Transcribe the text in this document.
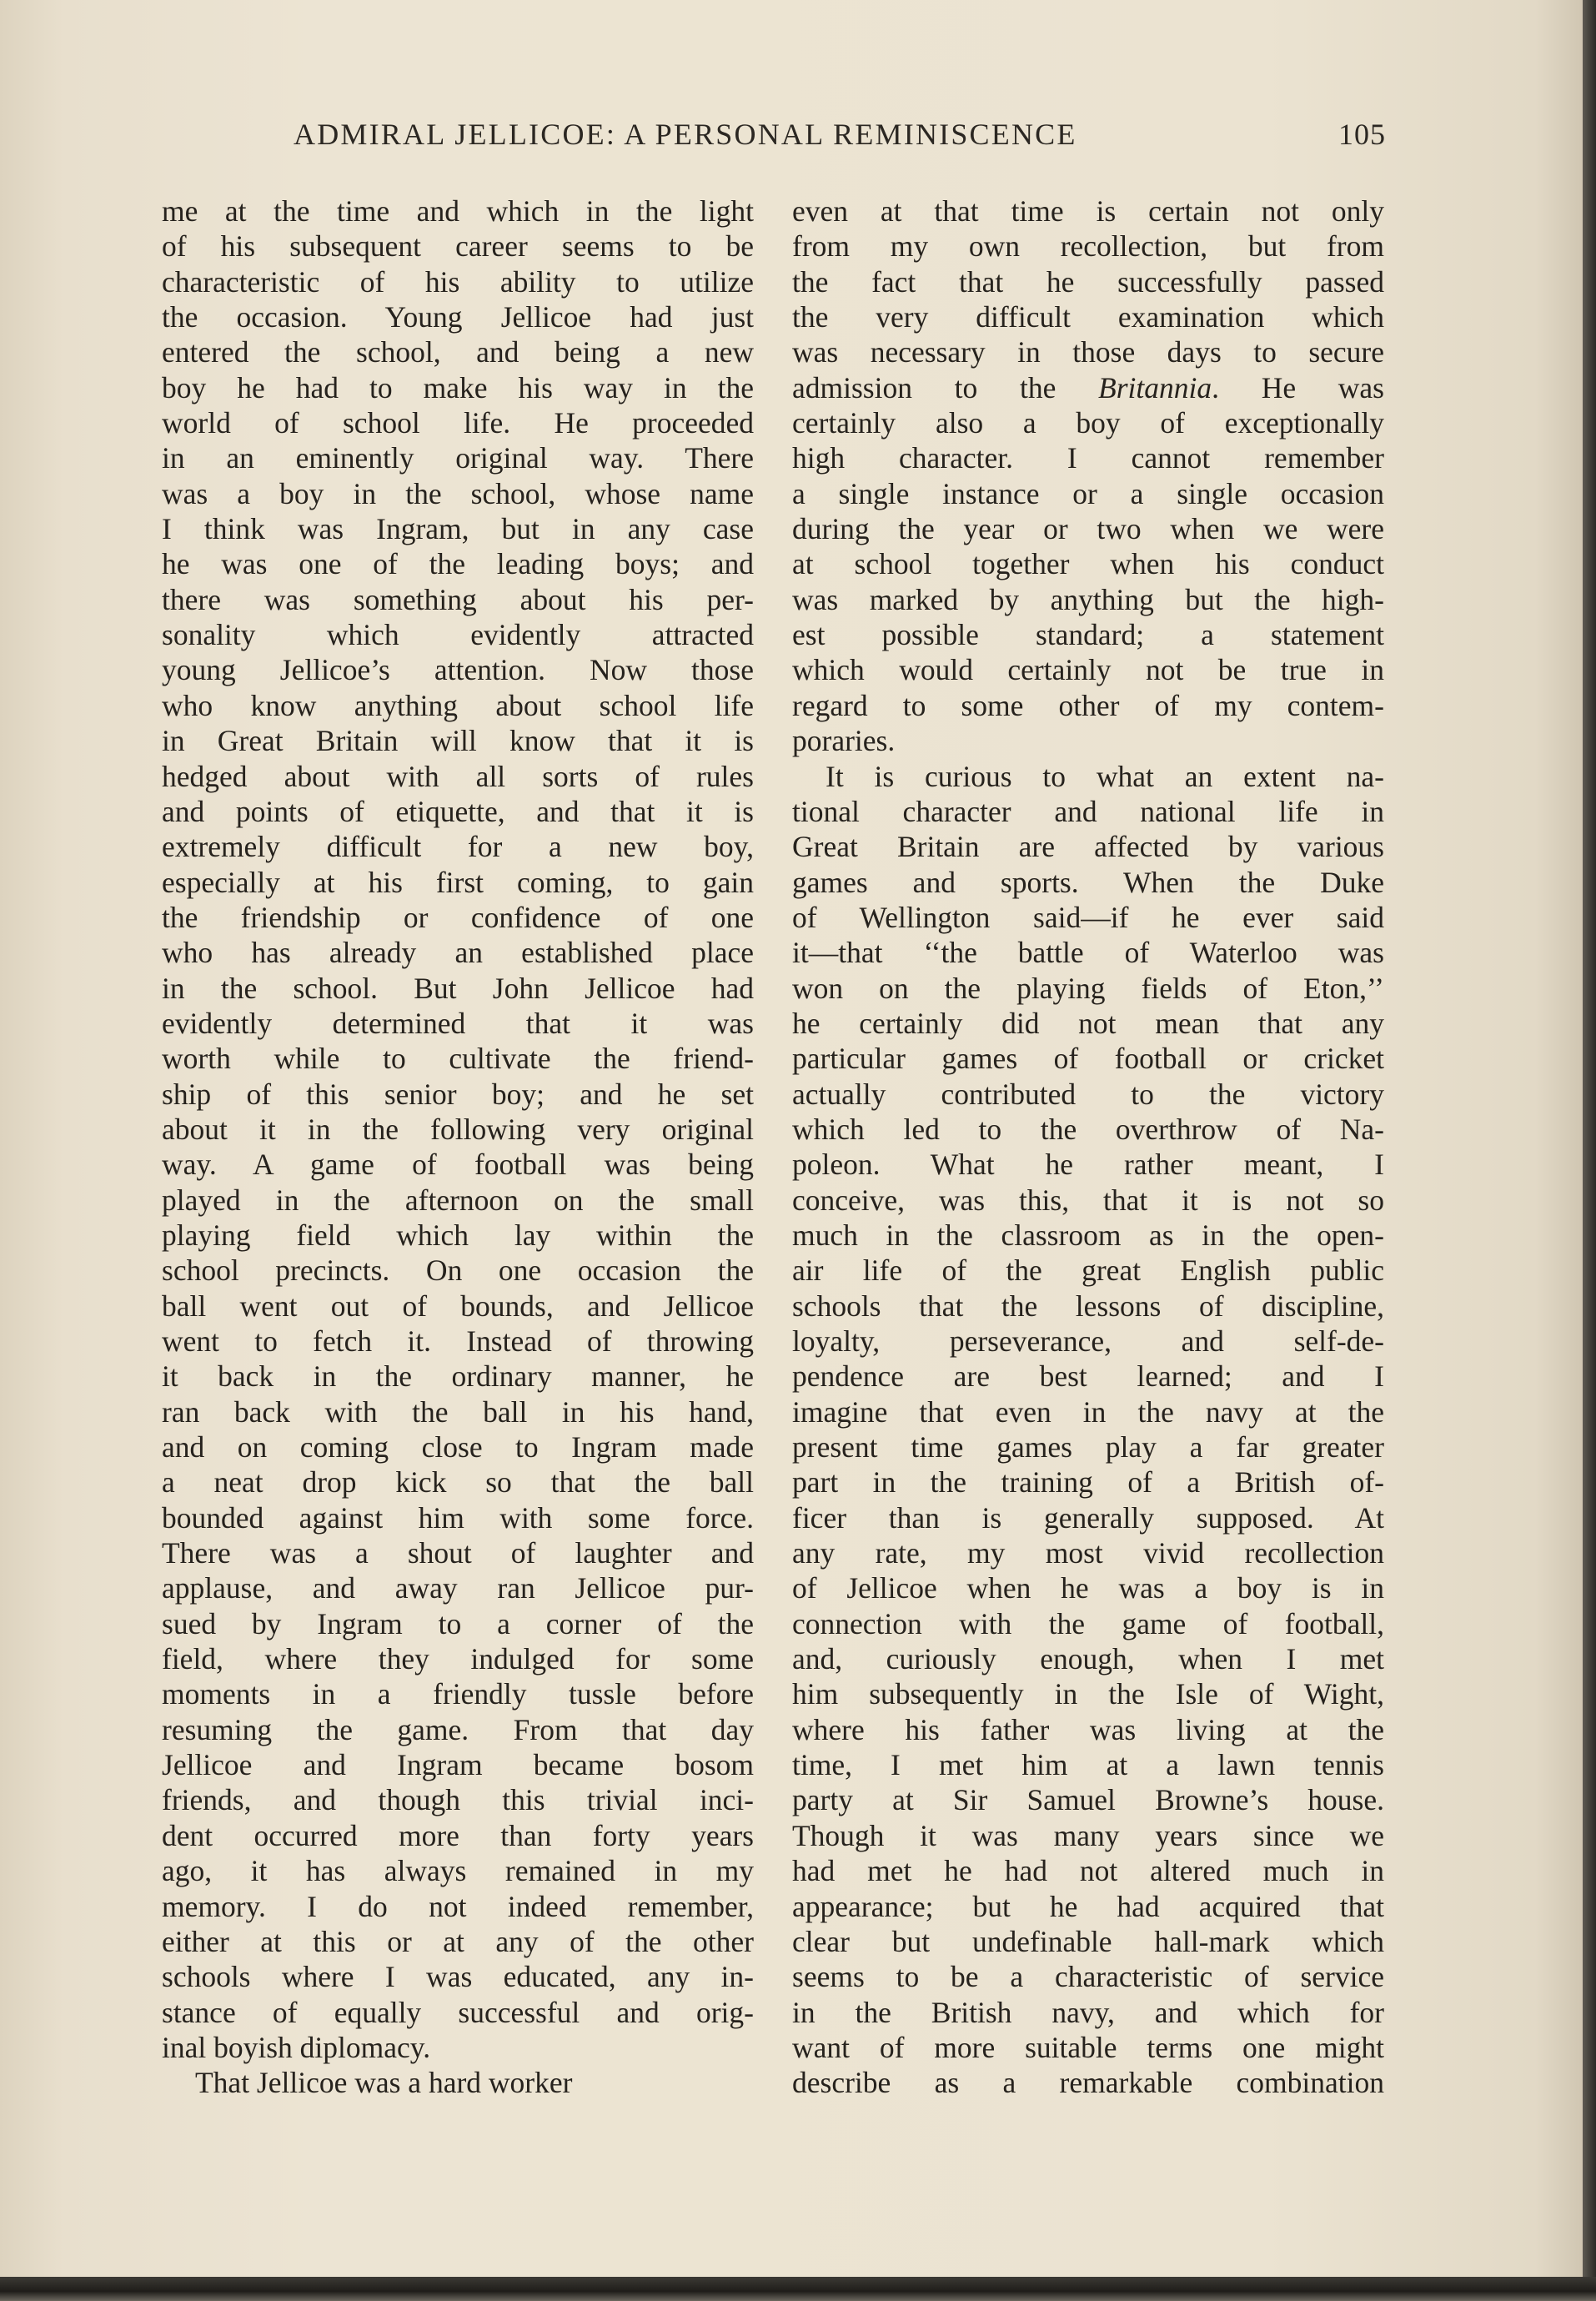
ADMIRAL JELLICOE: A PERSONAL REMINISCENCE	105
me at the time and which in the light
of his subsequent career seems to be
characteristic of his ability to utilize
the occasion. Young Jellicoe had just
entered the school, and being a new
boy he had to make his way in the
world of school life. He proceeded
in an eminently original way. There
was a boy in the school, whose name
I think was Ingram, but in any case
he was one of the leading boys; and
there was something about his per-
sonality which evidently attracted
young Jellicoe’s attention. Now those
who know anything about school life
in Great Britain will know that it is
hedged about with all sorts of rules
and points of etiquette, and that it is
extremely difficult for a new boy,
especially at his first coming, to gain
the friendship or confidence of one
who has already an established place
in the school. But John Jellicoe had
evidently determined that it was
worth while to cultivate the friend-
ship of this senior boy; and he set
about it in the following very original
way. A game of football was being
played in the afternoon on the small
playing field which lay within the
school precincts. On one occasion the
ball went out of bounds, and Jellicoe
went to fetch it. Instead of throwing
it back in the ordinary manner, he
ran back with the ball in his hand,
and on coming close to Ingram made
a neat drop kick so that the ball
bounded against him with some force.
There was a shout of laughter and
applause, and away ran Jellicoe pur-
sued by Ingram to a corner of the
field, where they indulged for some
moments in a friendly tussle before
resuming the game. From that day
Jellicoe and Ingram became bosom
friends, and though this trivial inci-
dent occurred more than forty years
ago, it has always remained in my
memory. I do not indeed remember,
either at this or at any of the other
schools where I was educated, any in-
stance of equally successful and orig-
inal boyish diplomacy.
That Jellicoe was a hard worker
even at that time is certain not only
from my own recollection, but from
the fact that he successfully passed
the very difficult examination which
was necessary in those days to secure
admission to the Britannia. He was
certainly also a boy of exceptionally
high character. I cannot remember
a single instance or a single occasion
during the year or two when we were
at school together when his conduct
was marked by anything but the high-
est possible standard; a statement
which would certainly not be true in
regard to some other of my contem-
poraries.
It is curious to what an extent na-
tional character and national life in
Great Britain are affected by various
games and sports. When the Duke
of Wellington said—if he ever said
it—that ‘‘the battle of Waterloo was
won on the playing fields of Eton,’’
he certainly did not mean that any
particular games of football or cricket
actually contributed to the victory
which led to the overthrow of Na-
poleon. What he rather meant, I
conceive, was this, that it is not so
much in the classroom as in the open-
air life of the great English public
schools that the lessons of discipline,
loyalty, perseverance, and self-de-
pendence are best learned; and I
imagine that even in the navy at the
present time games play a far greater
part in the training of a British of-
ficer than is generally supposed. At
any rate, my most vivid recollection
of Jellicoe when he was a boy is in
connection with the game of football,
and, curiously enough, when I met
him subsequently in the Isle of Wight,
where his father was living at the
time, I met him at a lawn tennis
party at Sir Samuel Browne’s house.
Though it was many years since we
had met he had not altered much in
appearance; but he had acquired that
clear but undefinable hall-mark which
seems to be a characteristic of service
in the British navy, and which for
want of more suitable terms one might
describe as a remarkable combination
